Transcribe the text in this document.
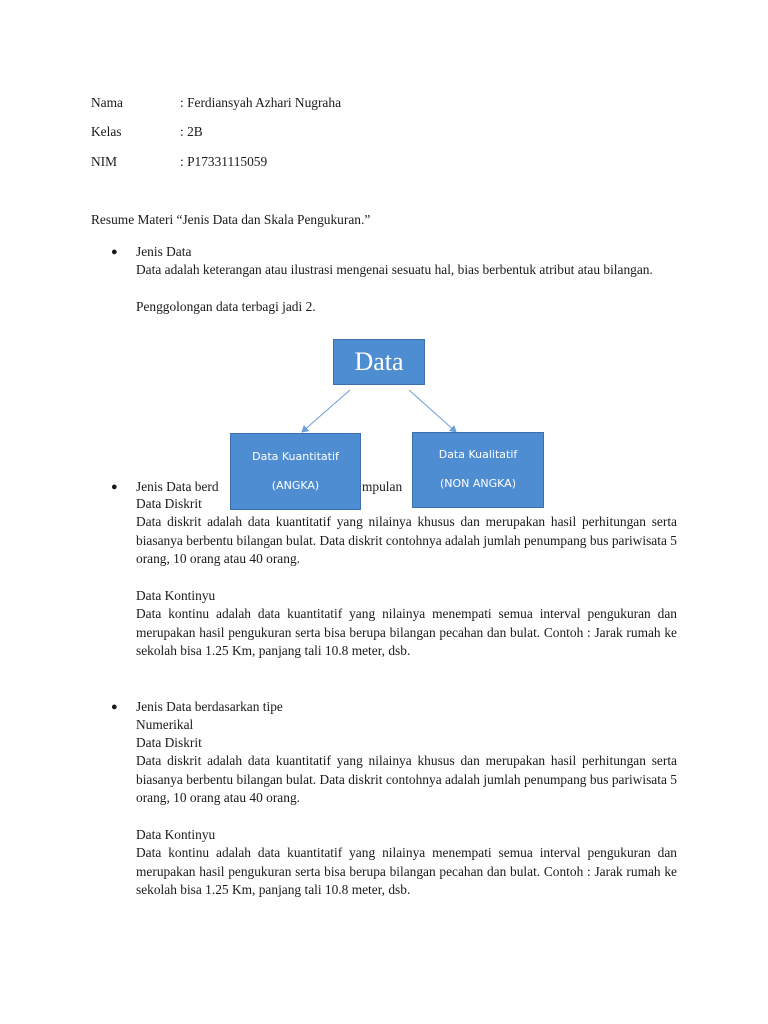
Nama	: Ferdiansyah Azhari Nugraha
Kelas	: 2B
NIM	: P17331115059
Resume Materi “Jenis Data dan Skala Pengukuran.”
● Jenis Data
Data adalah keterangan atau ilustrasi mengenai sesuatu hal, bias berbentuk atribut atau bilangan.
Penggolongan data terbagi jadi 2.
● Jenis Data berd	mpulan
Data Diskrit
Data diskrit adalah data kuantitatif yang nilainya khusus dan merupakan hasil perhitungan serta biasanya berbentu bilangan bulat. Data diskrit contohnya adalah jumlah penumpang bus pariwisata 5 orang, 10 orang atau 40 orang.
Data Kontinyu
Data kontinu adalah data kuantitatif yang nilainya menempati semua interval pengukuran dan merupakan hasil pengukuran serta bisa berupa bilangan pecahan dan bulat. Contoh : Jarak rumah ke sekolah bisa 1.25 Km, panjang tali 10.8 meter, dsb.
Data
Data Kuantitatif
(ANGKA)
Data Kualitatif
(NON ANGKA)
● Jenis Data berdasarkan tipe
Numerikal
Data Diskrit
Data diskrit adalah data kuantitatif yang nilainya khusus dan merupakan hasil perhitungan serta biasanya berbentu bilangan bulat. Data diskrit contohnya adalah jumlah penumpang bus pariwisata 5 orang, 10 orang atau 40 orang.
Data Kontinyu
Data kontinu adalah data kuantitatif yang nilainya menempati semua interval pengukuran dan merupakan hasil pengukuran serta bisa berupa bilangan pecahan dan bulat. Contoh : Jarak rumah ke sekolah bisa 1.25 Km, panjang tali 10.8 meter, dsb.
